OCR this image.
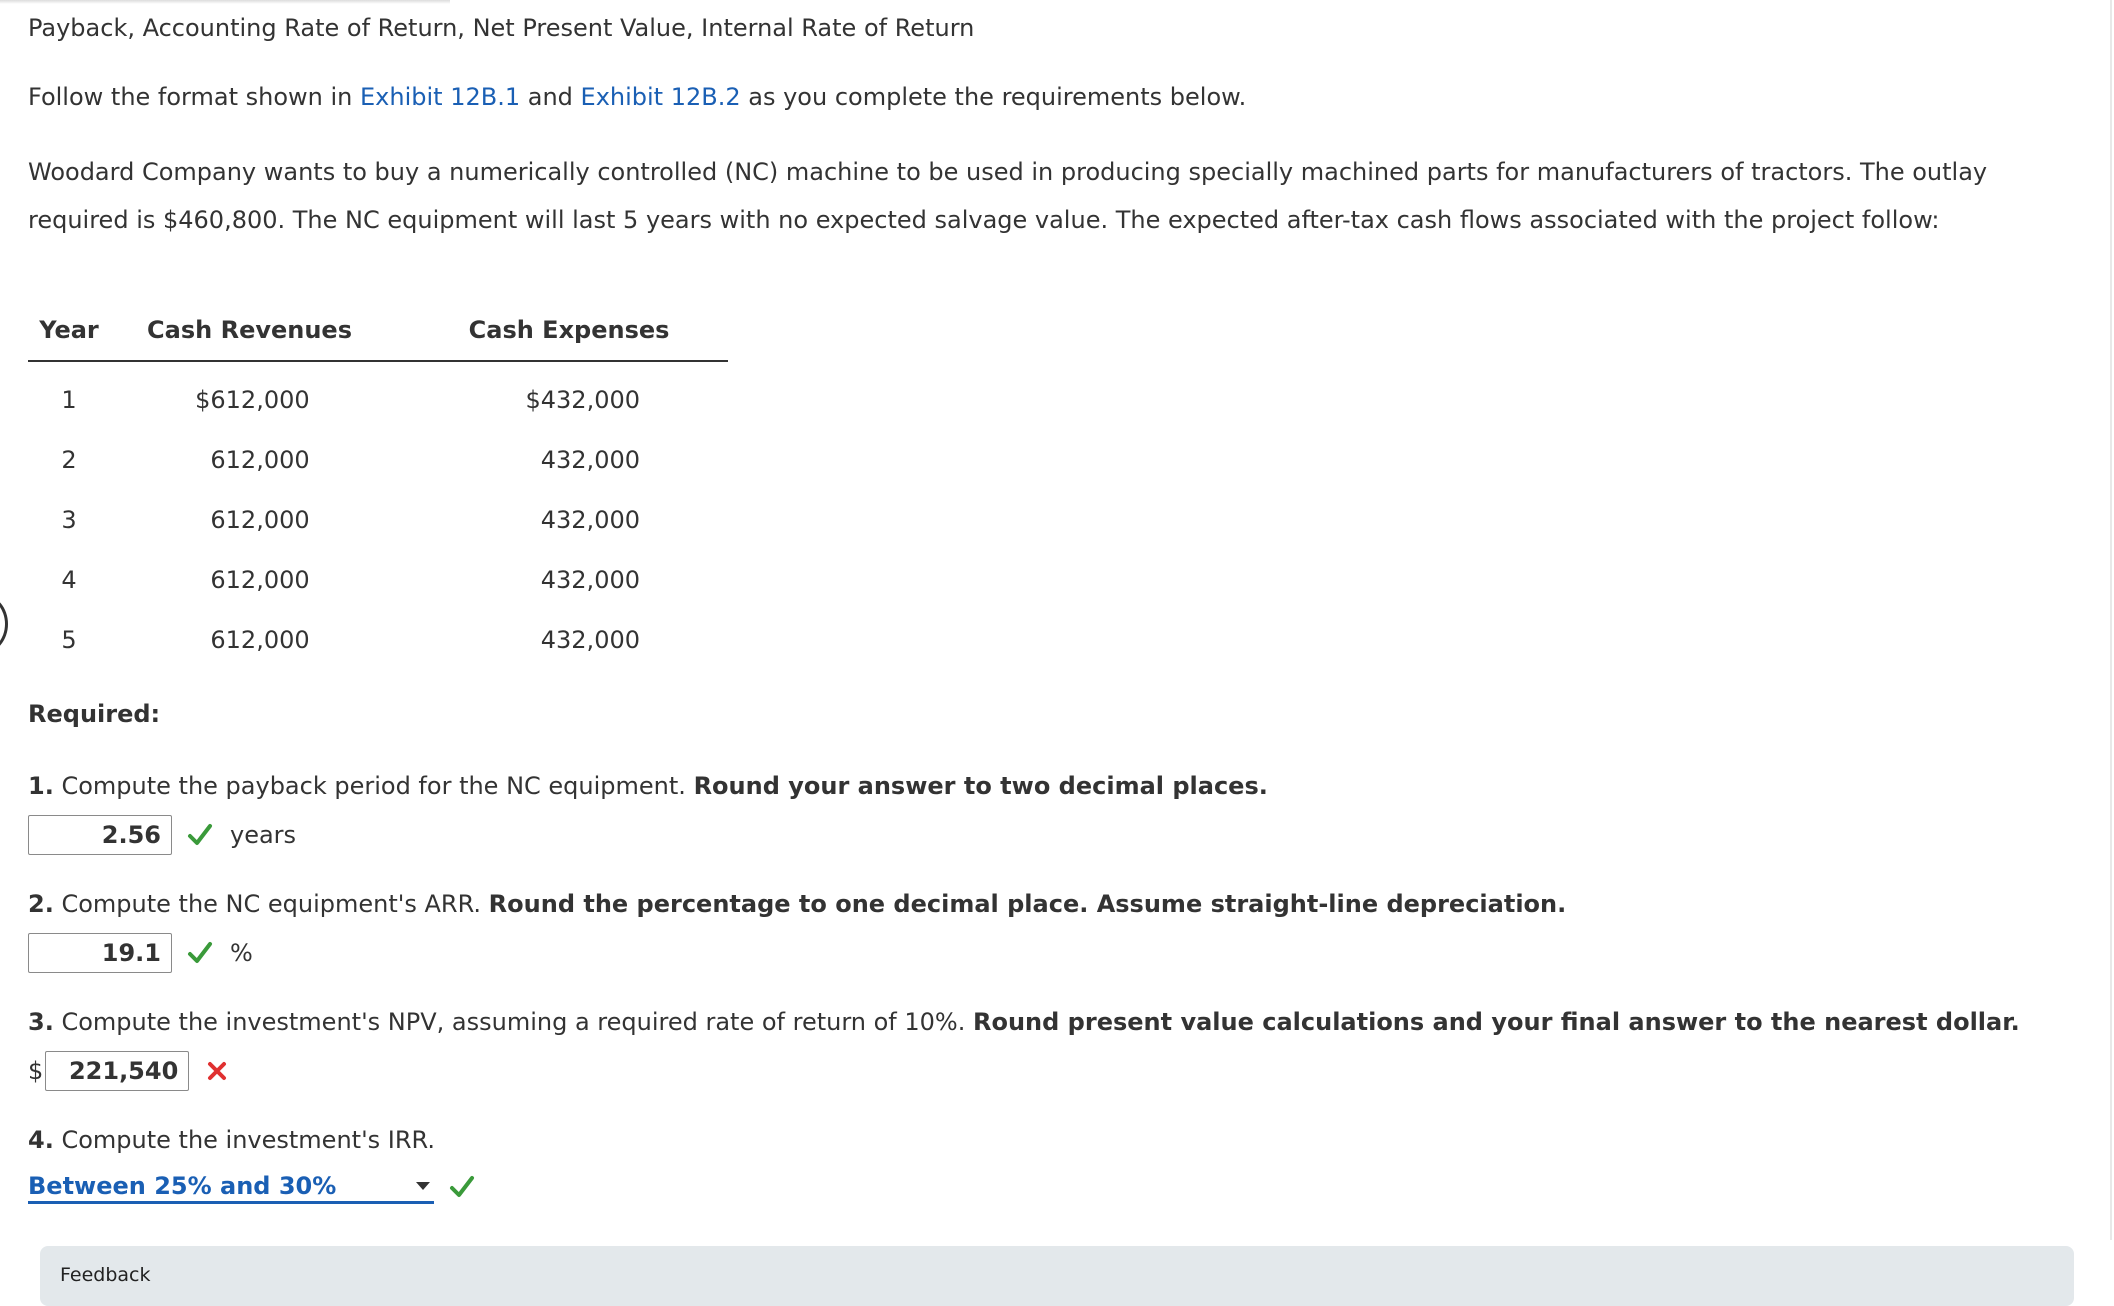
Payback, Accounting Rate of Return, Net Present Value, Internal Rate of Return
Follow the format shown in Exhibit 12B.1 and Exhibit 12B.2 as you complete the requirements below.
Woodard Company wants to buy a numerically controlled (NC) machine to be used in producing specially machined parts for manufacturers of tractors. The outlay required is $460,800. The NC equipment will last 5 years with no expected salvage value. The expected after-tax cash flows associated with the project follow:
Year	Cash Revenues	Cash Expenses
1	$612,000	$432,000
2	612,000	432,000
3	612,000	432,000
4	612,000	432,000
5	612,000	432,000
Required:
1. Compute the payback period for the NC equipment. Round your answer to two decimal places.
2.56	years
2. Compute the NC equipment's ARR. Round the percentage to one decimal place. Assume straight-line depreciation.
19.1	%
3. Compute the investment's NPV, assuming a required rate of return of 10%. Round present value calculations and your final answer to the nearest dollar.
$	221,540
4. Compute the investment's IRR.
Between 25% and 30%
Feedback
